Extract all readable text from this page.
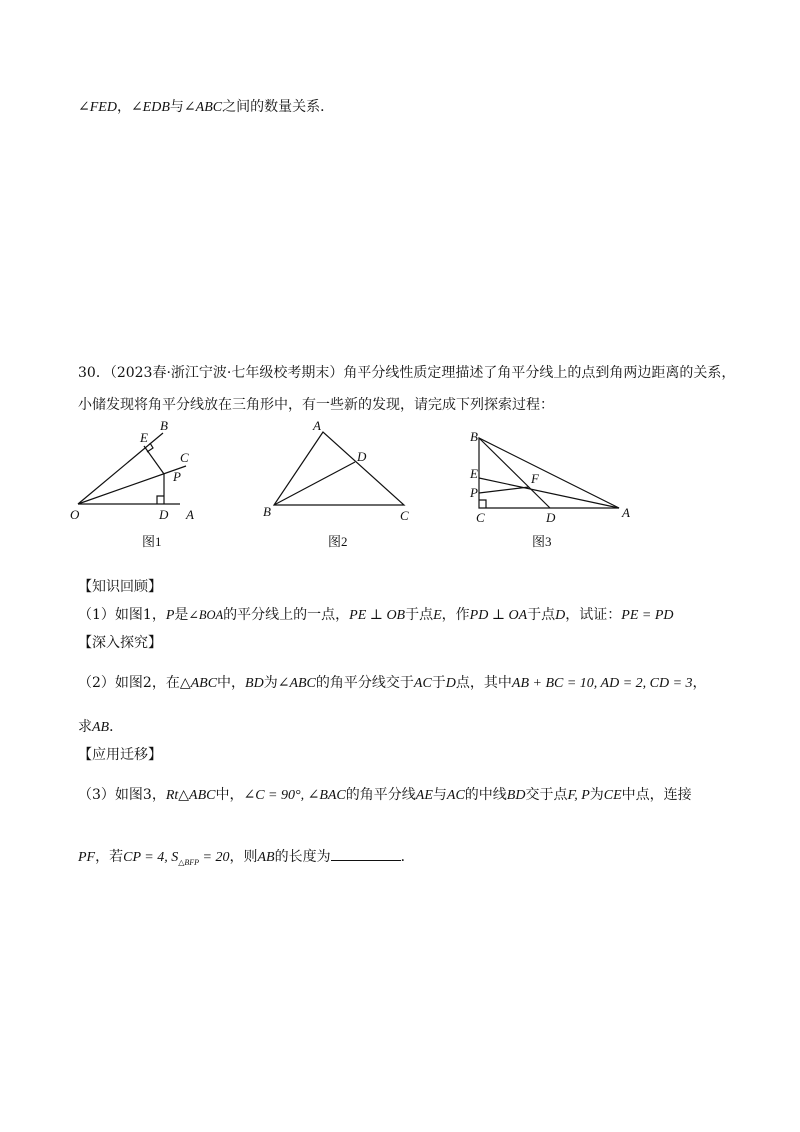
∠FED，∠EDB与∠ABC之间的数量关系．
30．（2023春·浙江宁波·七年级校考期末）角平分线性质定理描述了角平分线上的点到角两边距离的关系，
小储发现将角平分线放在三角形中，有一些新的发现，请完成下列探索过程：
E
B
C
P
O	D A
A
D
B	C
B
E	F
P
C	D	A
图1	图2	图3
【知识回顾】
（1）如图1，P是∠BOA的平分线上的一点，PE ⊥ OB于点E，作PD ⊥ OA于点D，试证：PE = PD
【深入探究】
（2）如图2，在△ABC中，BD为∠ABC的角平分线交于AC于D点，其中AB + BC = 10, AD = 2, CD = 3，
求AB．
【应用迁移】
（3）如图3，Rt△ABC中，∠C = 90°, ∠BAC的角平分线AE与AC的中线BD交于点F, P为CE中点，连接
PF，若CP = 4, $S_{\triangle BFP} = 20$，则AB的长度为	．
